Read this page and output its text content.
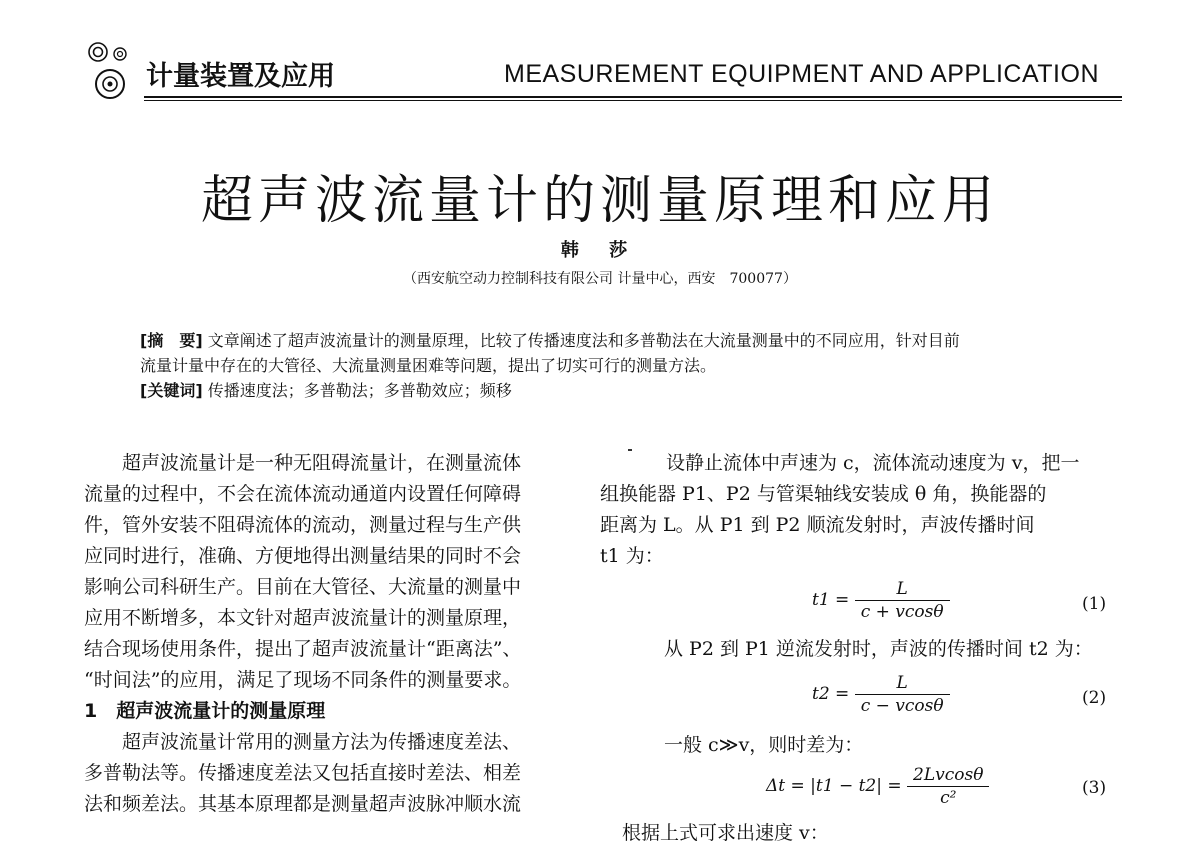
计量装置及应用	MEASUREMENT EQUIPMENT AND APPLICATION
超声波流量计的测量原理和应用
韩 莎
（西安航空动力控制科技有限公司 计量中心，西安　700077）
[摘　要] 文章阐述了超声波流量计的测量原理，比较了传播速度法和多普勒法在大流量测量中的不同应用，针对目前
流量计量中存在的大管径、大流量测量困难等问题，提出了切实可行的测量方法。
[关键词] 传播速度法；多普勒法；多普勒效应；频移
超声波流量计是一种无阻碍流量计，在测量流体
流量的过程中，不会在流体流动通道内设置任何障碍
件，管外安装不阻碍流体的流动，测量过程与生产供
应同时进行，准确、方便地得出测量结果的同时不会
影响公司科研生产。目前在大管径、大流量的测量中
应用不断增多，本文针对超声波流量计的测量原理，
结合现场使用条件，提出了超声波流量计“距离法”、
“时间法”的应用，满足了现场不同条件的测量要求。
1　超声波流量计的测量原理
超声波流量计常用的测量方法为传播速度差法、
多普勒法等。传播速度差法又包括直接时差法、相差
法和频差法。其基本原理都是测量超声波脉冲顺水流
设静止流体中声速为 c，流体流动速度为 v，把一
组换能器 P1、P2 与管渠轴线安装成 θ 角，换能器的
距离为 L。从 P1 到 P2 顺流发射时，声波传播时间
t1 为：
$t1 = \frac{L}{c + vcos\theta}$	(1)
从 P2 到 P1 逆流发射时，声波的传播时间 t2 为：
$t2 = \frac{L}{c - vcos\theta}$	(2)
一般 c≫v，则时差为：
$\Delta t = |t1 - t2| = \frac{2Lvcos\theta}{\text{c²}}$	(3)
根据上式可求出速度 v：
